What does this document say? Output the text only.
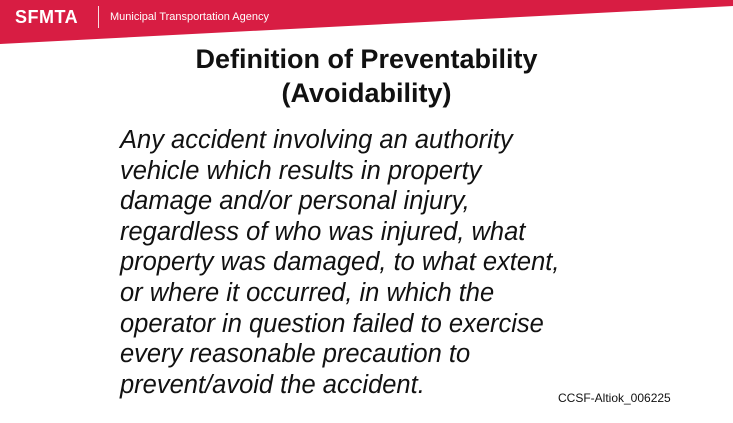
SFMTA	Municipal Transportation Agency
Definition of Preventability
(Avoidability)
Any accident involving an authority
vehicle which results in property
damage and/or personal injury,
regardless of who was injured, what
property was damaged, to what extent,
or where it occurred, in which the
operator in question failed to exercise
every reasonable precaution to
prevent/avoid the accident.	CCSF-Altiok_006225
